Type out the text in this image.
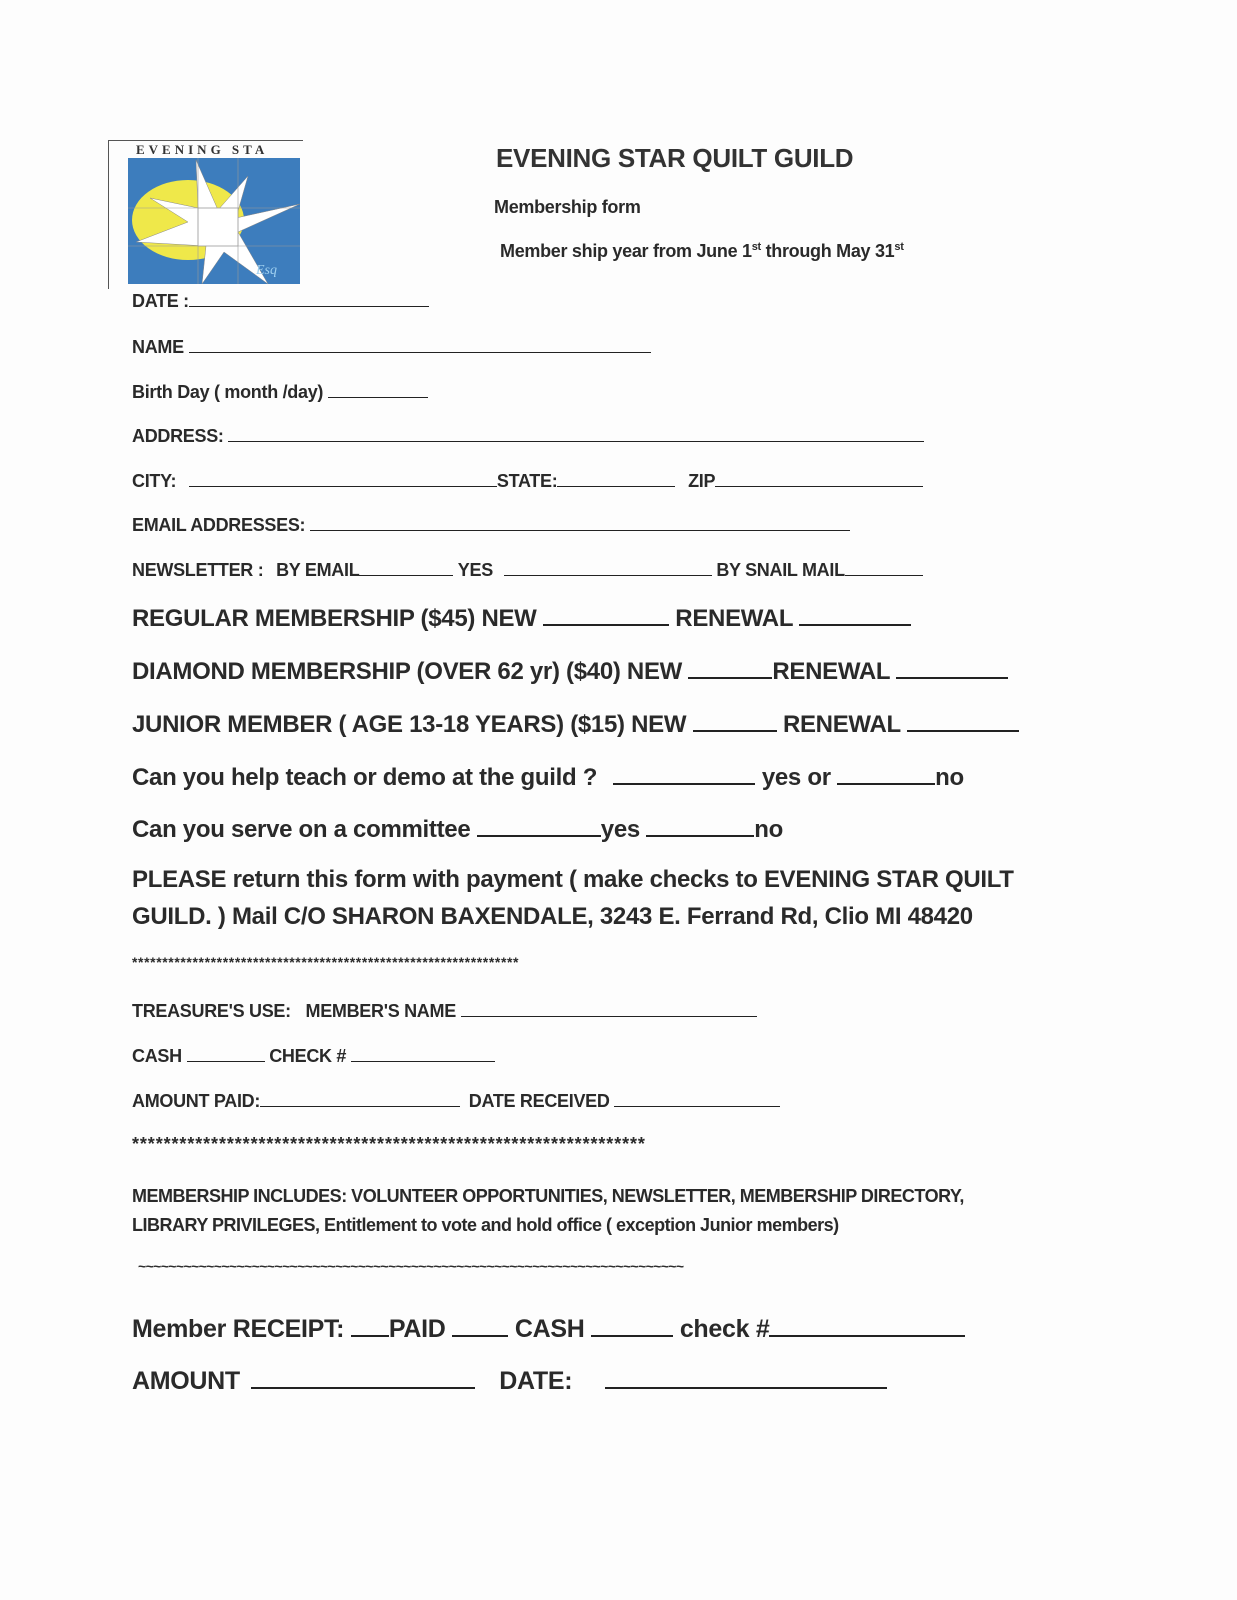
EVENING STA
Esq
EVENING STAR QUILT GUILD
Membership form
Member ship year from June 1st through May 31st
DATE :
NAME
Birth Day ( month /day)
ADDRESS:
CITY:	STATE:	ZIP
EMAIL ADDRESSES:
NEWSLETTER : BY EMAIL	YES	BY SNAIL MAIL
REGULAR MEMBERSHIP ($45) NEW	RENEWAL
DIAMOND MEMBERSHIP (OVER 62 yr) ($40) NEW	RENEWAL
JUNIOR MEMBER ( AGE 13-18 YEARS) ($15) NEW	RENEWAL
Can you help teach or demo at the guild ?	yes or	no
Can you serve on a committee	yes	no
PLEASE return this form with payment ( make checks to EVENING STAR QUILT
GUILD. ) Mail C/O SHARON BAXENDALE, 3243 E. Ferrand Rd, Clio MI 48420
****************************************************************
TREASURE'S USE: MEMBER'S NAME
CASH	CHECK #
AMOUNT PAID:	DATE RECEIVED
*****************************************************************
MEMBERSHIP INCLUDES: VOLUNTEER OPPORTUNITIES, NEWSLETTER, MEMBERSHIP DIRECTORY,
LIBRARY PRIVILEGES, Entitlement to vote and hold office ( exception Junior members)
~~~~~~~~~~~~~~~~~~~~~~~~~~~~~~~~~~~~~~~~~~~~~~~~~~~~~~~~~~~~~~~~~~~~~~~~
Member RECEIPT: PAID	CASH	check #
AMOUNT	DATE:
